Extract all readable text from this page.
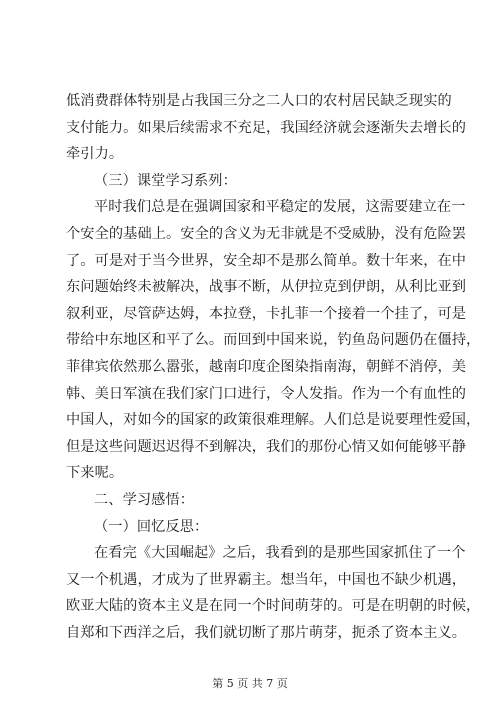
低消费群体特别是占我国三分之二人口的农村居民缺乏现实的
支付能力。如果后续需求不充足，我国经济就会逐渐失去增长的
牵引力。
（三）课堂学习系列：
平时我们总是在强调国家和平稳定的发展，这需要建立在一
个安全的基础上。安全的含义为无非就是不受威胁，没有危险罢
了。可是对于当今世界，安全却不是那么简单。数十年来，在中
东问题始终未被解决，战事不断，从伊拉克到伊朗，从利比亚到
叙利亚，尽管萨达姆，本拉登，卡扎菲一个接着一个挂了，可是
带给中东地区和平了么。而回到中国来说，钓鱼岛问题仍在僵持，
菲律宾依然那么嚣张，越南印度企图染指南海，朝鲜不消停，美
韩、美日军演在我们家门口进行，令人发指。作为一个有血性的
中国人，对如今的国家的政策很难理解。人们总是说要理性爱国，
但是这些问题迟迟得不到解决，我们的那份心情又如何能够平静
下来呢。
二、学习感悟：
（一）回忆反思：
在看完《大国崛起》之后，我看到的是那些国家抓住了一个
又一个机遇，才成为了世界霸主。想当年，中国也不缺少机遇，
欧亚大陆的资本主义是在同一个时间萌芽的。可是在明朝的时候，
自郑和下西洋之后，我们就切断了那片萌芽，扼杀了资本主义。
第 5 页 共 7 页
